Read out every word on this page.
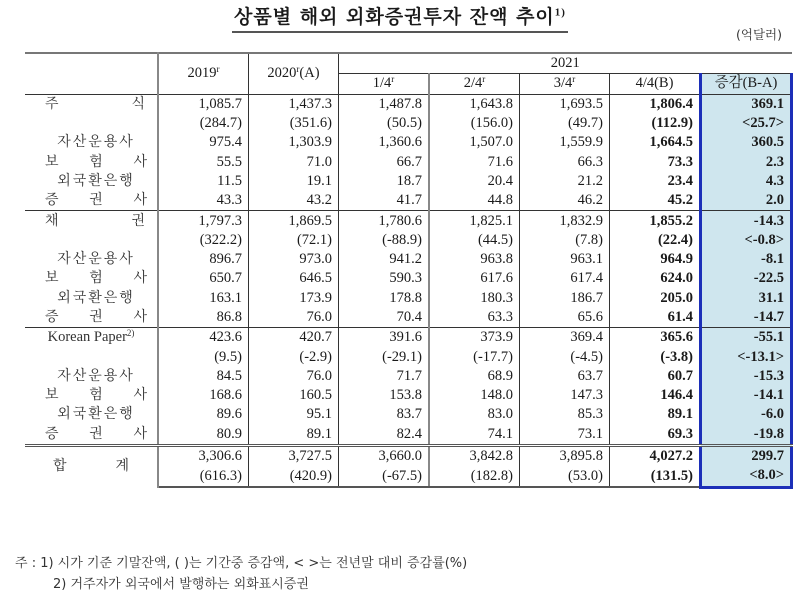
상품별 해외 외화증권투자 잔액 추이$^{1)}$
(억달러)
	2019$^r$	2020$^r$(A)	2021				
			1/4$^r$	2/4$^r$	3/4$^r$	4/4(B)	증감(B-A)

주 식	1,085.7	1,437.3	1,487.8	1,643.8	1,693.5	1,806.4	369.1
	(284.7)	(351.6)	(50.5)	(156.0)	(49.7)	(112.9)	<25.7>

자산운용사	975.4	1,303.9	1,360.6	1,507.0	1,559.9	1,664.5	360.5

보 험 사	55.5	71.0	66.7	71.6	66.3	73.3	2.3

외국환은행	11.5	19.1	18.7	20.4	21.2	23.4	4.3

증 권 사	43.3	43.2	41.7	44.8	46.2	45.2	2.0

채 권	1,797.3	1,869.5	1,780.6	1,825.1	1,832.9	1,855.2	-14.3
	(322.2)	(72.1)	(-88.9)	(44.5)	(7.8)	(22.4)	<-0.8>

자산운용사	896.7	973.0	941.2	963.8	963.1	964.9	-8.1

보 험 사	650.7	646.5	590.3	617.6	617.4	624.0	-22.5

외국환은행	163.1	173.9	178.8	180.3	186.7	205.0	31.1

증 권 사	86.8	76.0	70.4	63.3	65.6	61.4	-14.7
Korean Paper$^{2)}$	423.6	420.7	391.6	373.9	369.4	365.6	-55.1
	(9.5)	(-2.9)	(-29.1)	(-17.7)	(-4.5)	(-3.8)	<-13.1>

자산운용사	84.5	76.0	71.7	68.9	63.7	60.7	-15.3

보 험 사	168.6	160.5	153.8	148.0	147.3	146.4	-14.1

외국환은행	89.6	95.1	83.7	83.0	85.3	89.1	-6.0

증 권 사	80.9	89.1	82.4	74.1	73.1	69.3	-19.8

합 계	3,306.6	3,727.5	3,660.0	3,842.8	3,895.8	4,027.2	299.7
	(616.3)	(420.9)	(-67.5)	(182.8)	(53.0)	(131.5)	<8.0>
주 : 1) 시가 기준 기말잔액, ( )는 기간중 증감액, < >는 전년말 대비 증감률(%)
2) 거주자가 외국에서 발행하는 외화표시증권
